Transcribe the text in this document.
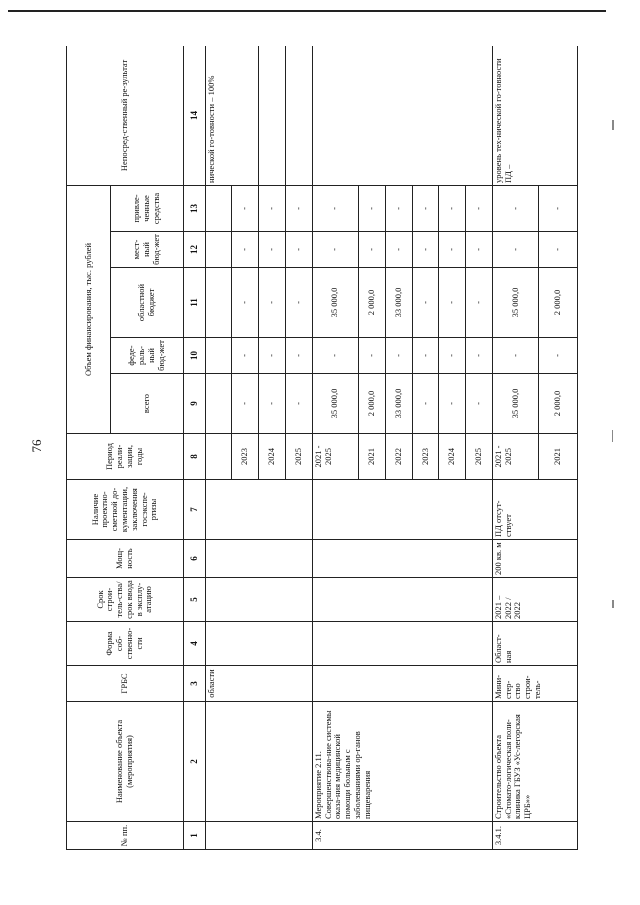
76
№ пп.	Наименование объекта (мероприятия)	ГРБС	Форма соб-ственно-сти	Срок строи-тель-ства/срок ввода в эксплу-атацию	Мощ-ность	Наличие проектно-сметной до-кументации, заключения госэкспе-ртизы	Период реали-зации, годы	Объем финансирования, тыс. рублей					Непосред-ственный ре-зультат
								всего	феде-раль-ный бюд-жет	областной бюджет	мест-ный бюд-жет	привле-ченные средства	
1	2	3	4	5	6	7	8	9	10	11	12	13	14
		области											нической го-товности – 100%
							2023	-	-	-	-	-	
							2024	-	-	-	-	-	
							2025	-	-	-	-	-	
3.4.	Мероприятие 2.11. Совершенствова-ние системы оказа-ния медицинской помощи больным с заболеваниями ор-ганов пищеварения						2021 - 2025	35 000,0	-	35 000,0	-	-	
							2021	2 000,0	-	2 000,0	-	-	
							2022	33 000,0	-	33 000,0	-	-	
							2023	-	-	-	-	-	
							2024	-	-	-	-	-	
							2025	-	-	-	-	-	
3.4.1.	Строительство объекта «Стомато-логическая поли-клиника ГБУЗ «Ус-легорская ЦРБ»»	Мини-стер-ство строи-тель-	Област-ная	2021 – 2022 / 2022	200 кв. м	ПД отсут-ствует	2021 - 2025	35 000,0	-	35 000,0	-	-	уровень тех-нической го-товности ПД –
							2021	2 000,0	-	2 000,0	-	-	
